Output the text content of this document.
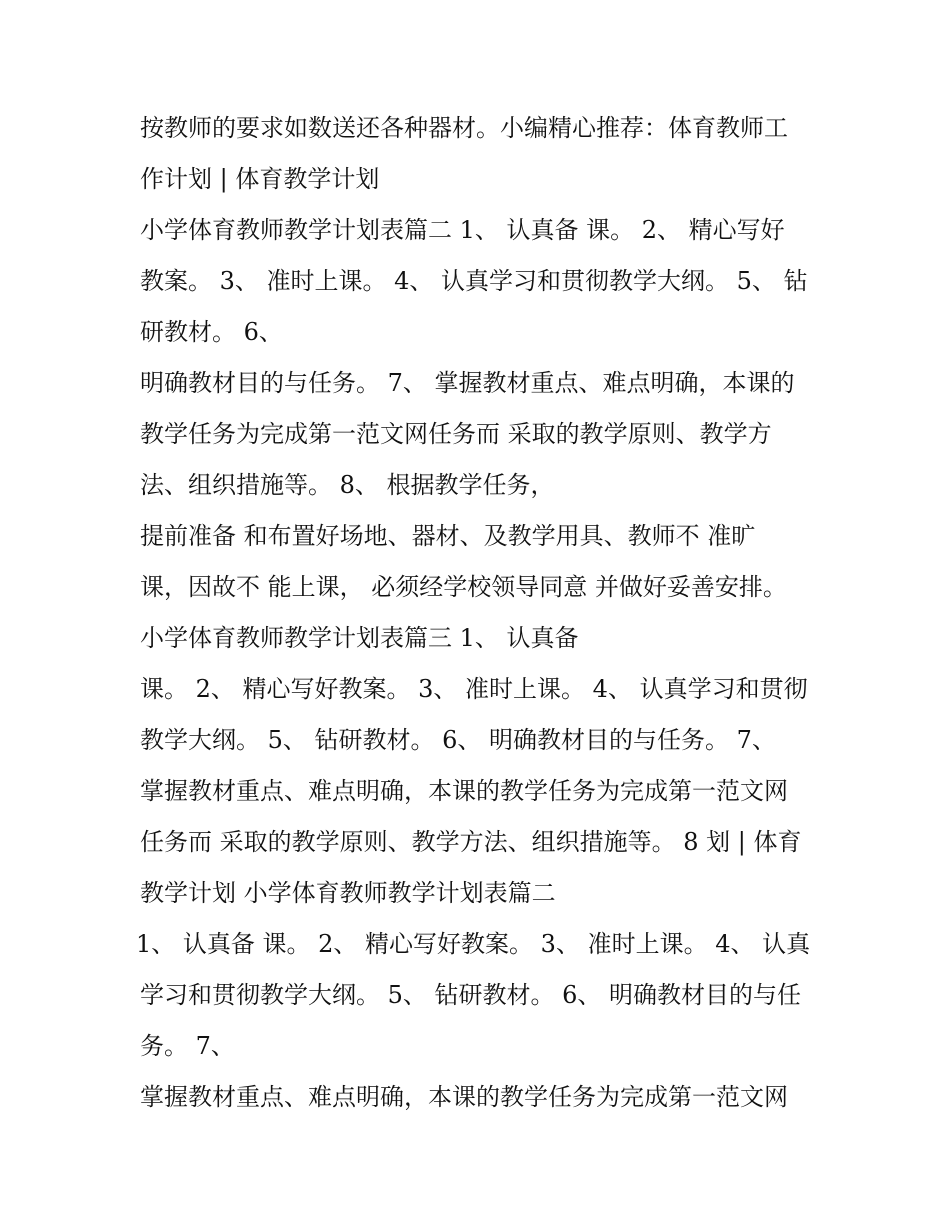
按教师的要求如数送还各种器材。小编精心推荐：体育教师工
作计划 | 体育教学计划
小学体育教师教学计划表篇二 1、 认真备 课。 2、 精心写好
教案。 3、 准时上课。 4、 认真学习和贯彻教学大纲。 5、 钻
研教材。 6、
明确教材目的与任务。 7、 掌握教材重点、难点明确，本课的
教学任务为完成第一范文网任务而 采取的教学原则、教学方
法、组织措施等。 8、 根据教学任务，
提前准备 和布置好场地、器材、及教学用具、教师不 准旷
课，因故不 能上课， 必须经学校领导同意 并做好妥善安排。
小学体育教师教学计划表篇三 1、 认真备
课。 2、 精心写好教案。 3、 准时上课。 4、 认真学习和贯彻
教学大纲。 5、 钻研教材。 6、 明确教材目的与任务。 7、
掌握教材重点、难点明确，本课的教学任务为完成第一范文网
任务而 采取的教学原则、教学方法、组织措施等。 8 划 | 体育
教学计划 小学体育教师教学计划表篇二
1、 认真备 课。 2、 精心写好教案。 3、 准时上课。 4、 认真
学习和贯彻教学大纲。 5、 钻研教材。 6、 明确教材目的与任
务。 7、
掌握教材重点、难点明确，本课的教学任务为完成第一范文网
